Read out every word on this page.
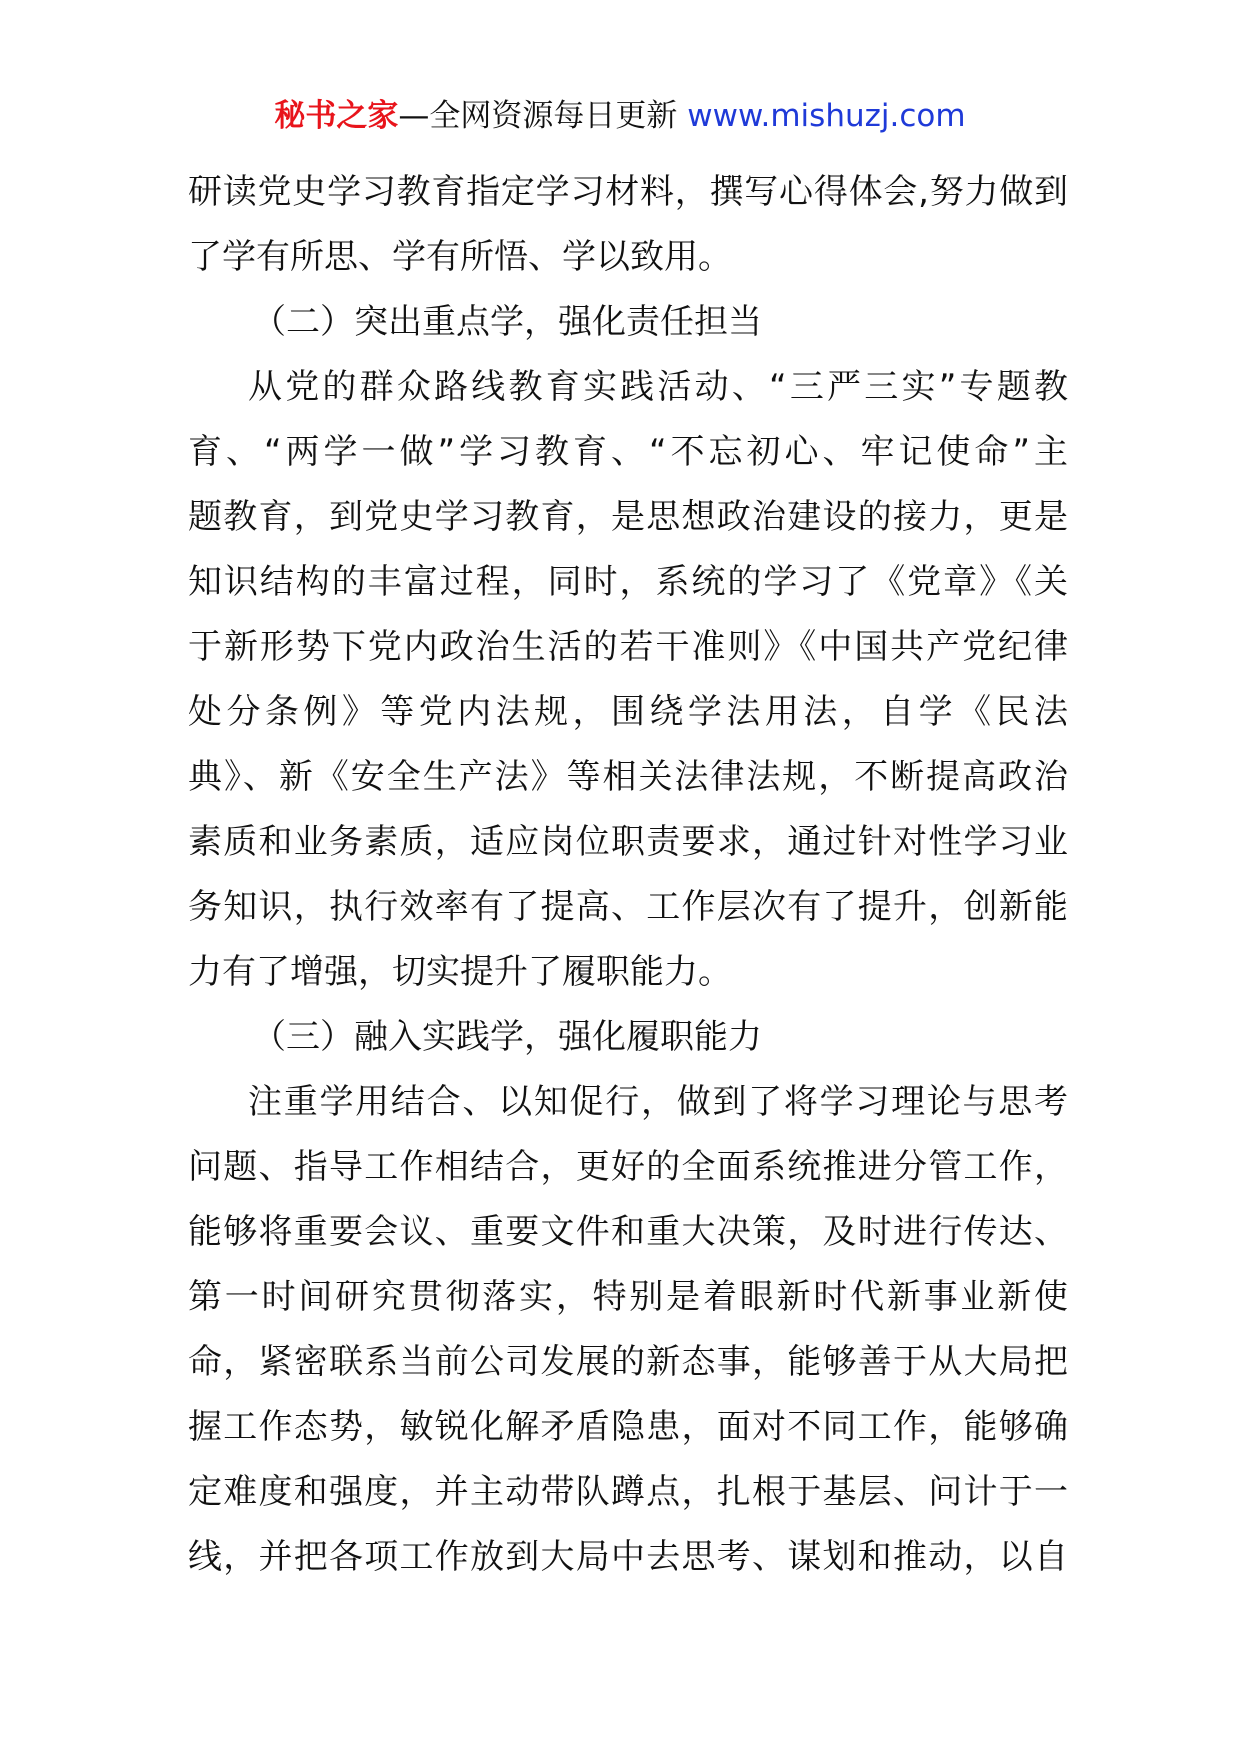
秘书之家—全网资源每日更新 www.mishuzj.com
研读党史学习教育指定学习材料，撰写心得体会,努力做到
了学有所思、学有所悟、学以致用。
（二）突出重点学，强化责任担当
从党的群众路线教育实践活动、“三严三实”专题教
育、“两学一做”学习教育、“不忘初心、牢记使命”主
题教育，到党史学习教育，是思想政治建设的接力，更是
知识结构的丰富过程，同时，系统的学习了《党章》《关
于新形势下党内政治生活的若干准则》《中国共产党纪律
处分条例》等党内法规，围绕学法用法，自学《民法
典》、新《安全生产法》等相关法律法规，不断提高政治
素质和业务素质，适应岗位职责要求，通过针对性学习业
务知识，执行效率有了提高、工作层次有了提升，创新能
力有了增强，切实提升了履职能力。
（三）融入实践学，强化履职能力
注重学用结合、以知促行，做到了将学习理论与思考
问题、指导工作相结合，更好的全面系统推进分管工作，
能够将重要会议、重要文件和重大决策，及时进行传达、
第一时间研究贯彻落实，特别是着眼新时代新事业新使
命，紧密联系当前公司发展的新态事，能够善于从大局把
握工作态势，敏锐化解矛盾隐患，面对不同工作，能够确
定难度和强度，并主动带队蹲点，扎根于基层、问计于一
线，并把各项工作放到大局中去思考、谋划和推动，以自
